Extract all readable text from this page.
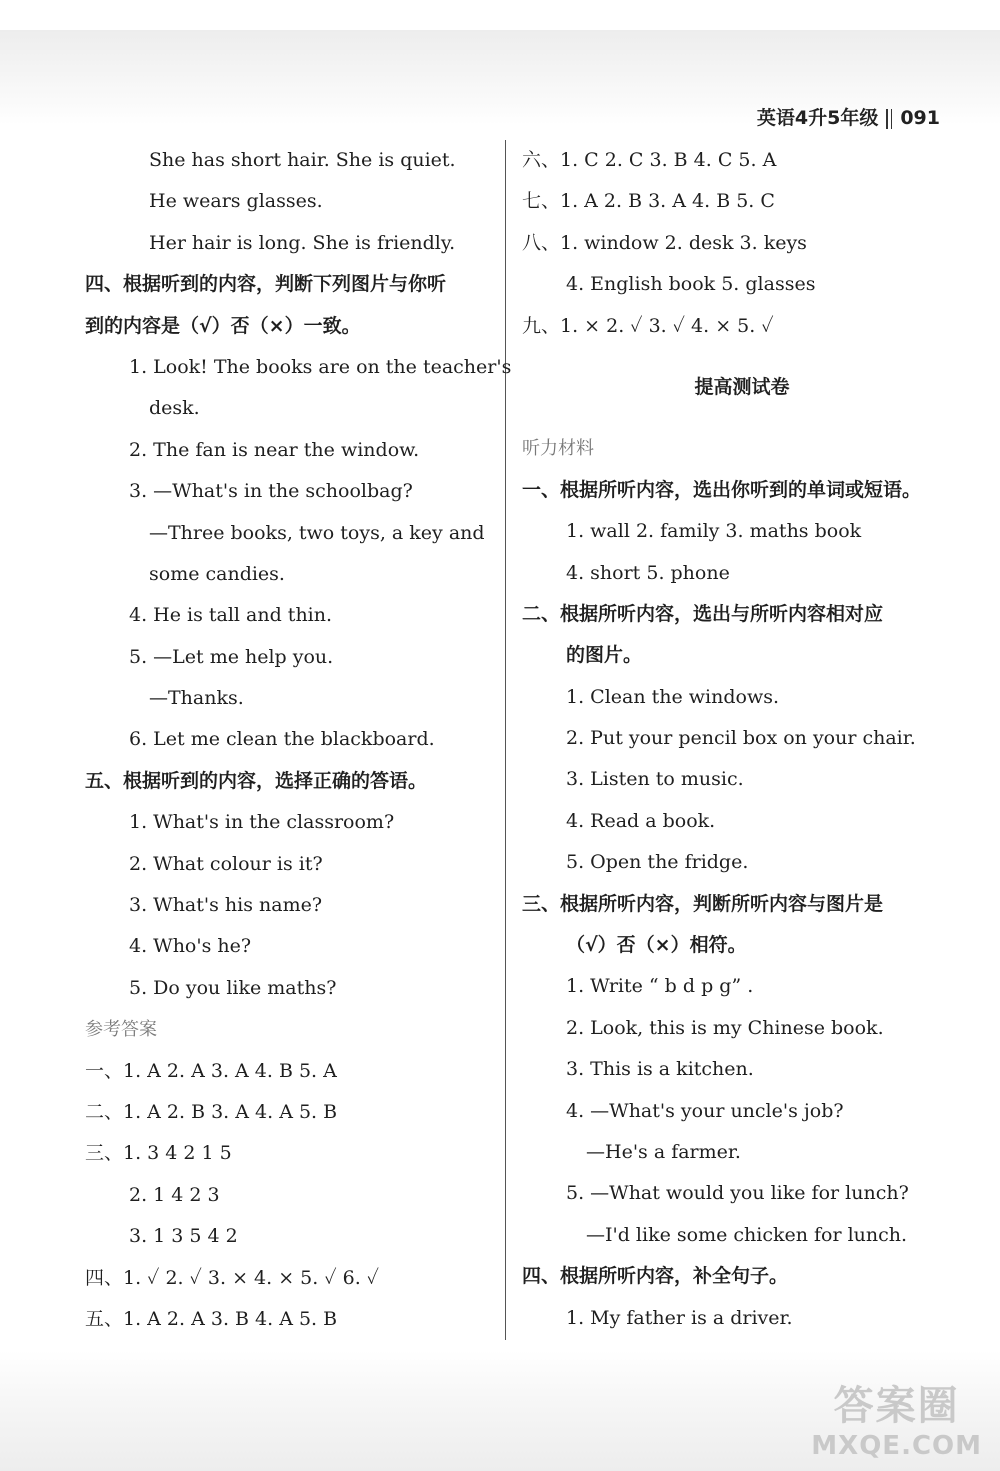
英语4升5年级 091
She has short hair. She is quiet.
He wears glasses.
Her hair is long. She is friendly.
四、根据听到的内容，判断下列图片与你听
到的内容是（√）否（×）一致。
1. Look! The books are on the teacher's
desk.
2. The fan is near the window.
3. —What's in the schoolbag?
—Three books, two toys, a key and
some candies.
4. He is tall and thin.
5. —Let me help you.
—Thanks.
6. Let me clean the blackboard.
五、根据听到的内容，选择正确的答语。
1. What's in the classroom?
2. What colour is it?
3. What's his name?
4. Who's he?
5. Do you like maths?
参考答案
一、1. A 2. A 3. A 4. B 5. A
二、1. A 2. B 3. A 4. A 5. B
三、1. 3 4 2 1 5
2. 1 4 2 3
3. 1 3 5 4 2
四、1. ✓ 2. ✓ 3. × 4. × 5. ✓ 6. ✓
五、1. A 2. A 3. B 4. A 5. B
六、1. C 2. C 3. B 4. C 5. A
七、1. A 2. B 3. A 4. B 5. C
八、1. window 2. desk 3. keys
4. English book 5. glasses
九、1. × 2. ✓ 3. ✓ 4. × 5. ✓
提高测试卷
听力材料
一、根据所听内容，选出你听到的单词或短语。
1. wall 2. family 3. maths book
4. short 5. phone
二、根据所听内容，选出与所听内容相对应
的图片。
1. Clean the windows.
2. Put your pencil box on your chair.
3. Listen to music.
4. Read a book.
5. Open the fridge.
三、根据所听内容，判断所听内容与图片是
（√）否（×）相符。
1. Write “ b d p g” .
2. Look, this is my Chinese book.
3. This is a kitchen.
4. —What's your uncle's job?
—He's a farmer.
5. —What would you like for lunch?
—I'd like some chicken for lunch.
四、根据所听内容，补全句子。
1. My father is a driver.
答案圈
MXQE.COM
